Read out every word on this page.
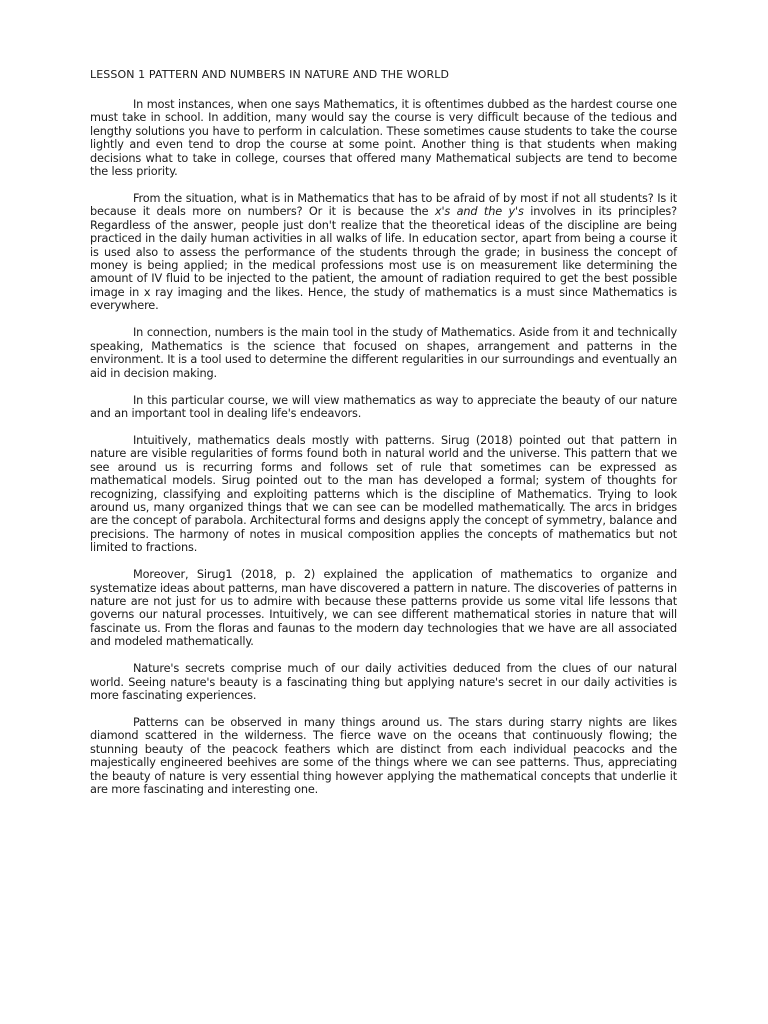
LESSON 1 PATTERN AND NUMBERS IN NATURE AND THE WORLD

In most instances, when one says Mathematics, it is oftentimes dubbed as the hardest course one must take in school. In addition, many would say the course is very difficult because of the tedious and lengthy solutions you have to perform in calculation. These sometimes cause students to take the course lightly and even tend to drop the course at some point. Another thing is that students when making decisions what to take in college, courses that offered many Mathematical subjects are tend to become the less priority.

From the situation, what is in Mathematics that has to be afraid of by most if not all students? Is it because it deals more on numbers? Or it is because the x's and the y's involves in its principles? Regardless of the answer, people just don't realize that the theoretical ideas of the discipline are being practiced in the daily human activities in all walks of life. In education sector, apart from being a course it is used also to assess the performance of the students through the grade; in business the concept of money is being applied; in the medical professions most use is on measurement like determining the amount of IV fluid to be injected to the patient, the amount of radiation required to get the best possible image in x ray imaging and the likes. Hence, the study of mathematics is a must since Mathematics is everywhere.

In connection, numbers is the main tool in the study of Mathematics. Aside from it and technically speaking, Mathematics is the science that focused on shapes, arrangement and patterns in the environment. It is a tool used to determine the different regularities in our surroundings and eventually an aid in decision making.

In this particular course, we will view mathematics as way to appreciate the beauty of our nature and an important tool in dealing life's endeavors.

Intuitively, mathematics deals mostly with patterns. Sirug (2018) pointed out that pattern in nature are visible regularities of forms found both in natural world and the universe. This pattern that we see around us is recurring forms and follows set of rule that sometimes can be expressed as mathematical models. Sirug pointed out to the man has developed a formal; system of thoughts for recognizing, classifying and exploiting patterns which is the discipline of Mathematics. Trying to look around us, many organized things that we can see can be modelled mathematically. The arcs in bridges are the concept of parabola. Architectural forms and designs apply the concept of symmetry, balance and precisions. The harmony of notes in musical composition applies the concepts of mathematics but not limited to fractions.

Moreover, Sirug1 (2018, p. 2) explained the application of mathematics to organize and systematize ideas about patterns, man have discovered a pattern in nature. The discoveries of patterns in nature are not just for us to admire with because these patterns provide us some vital life lessons that governs our natural processes. Intuitively, we can see different mathematical stories in nature that will fascinate us. From the floras and faunas to the modern day technologies that we have are all associated and modeled mathematically.

Nature's secrets comprise much of our daily activities deduced from the clues of our natural world. Seeing nature's beauty is a fascinating thing but applying nature's secret in our daily activities is more fascinating experiences.

Patterns can be observed in many things around us. The stars during starry nights are likes diamond scattered in the wilderness. The fierce wave on the oceans that continuously flowing; the stunning beauty of the peacock feathers which are distinct from each individual peacocks and the majestically engineered beehives are some of the things where we can see patterns. Thus, appreciating the beauty of nature is very essential thing however applying the mathematical concepts that underlie it are more fascinating and interesting one.
